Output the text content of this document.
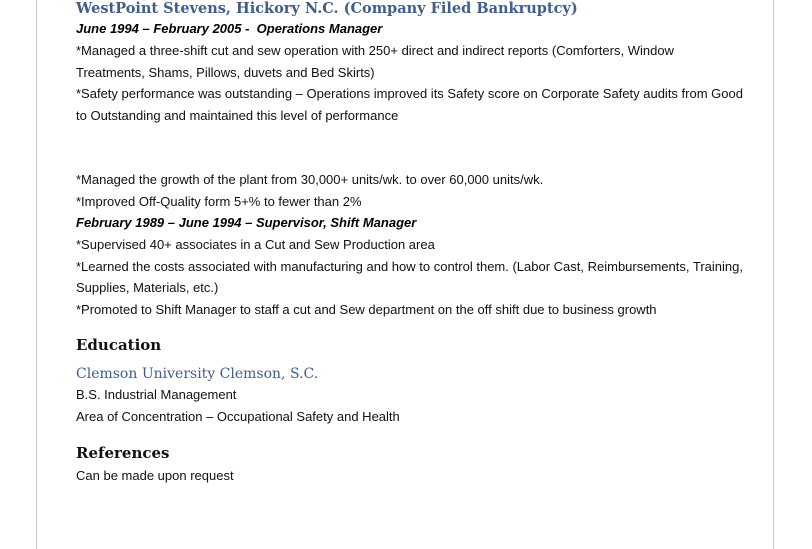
WestPoint Stevens, Hickory N.C. (Company Filed Bankruptcy)
June 1994 – February 2005 -  Operations Manager
*Managed a three-shift cut and sew operation with 250+ direct and indirect reports (Comforters, Window Treatments, Shams, Pillows, duvets and Bed Skirts)
*Safety performance was outstanding – Operations improved its Safety score on Corporate Safety audits from Good to Outstanding and maintained this level of performance
*Managed the growth of the plant from 30,000+ units/wk. to over 60,000 units/wk.
*Improved Off-Quality form 5+% to fewer than 2%
February 1989 – June 1994 – Supervisor, Shift Manager
*Supervised 40+ associates in a Cut and Sew Production area
*Learned the costs associated with manufacturing and how to control them. (Labor Cast, Reimbursements, Training, Supplies, Materials, etc.)
*Promoted to Shift Manager to staff a cut and Sew department on the off shift due to business growth
Education
Clemson University Clemson, S.C.
B.S. Industrial Management
Area of Concentration – Occupational Safety and Health
References
Can be made upon request
